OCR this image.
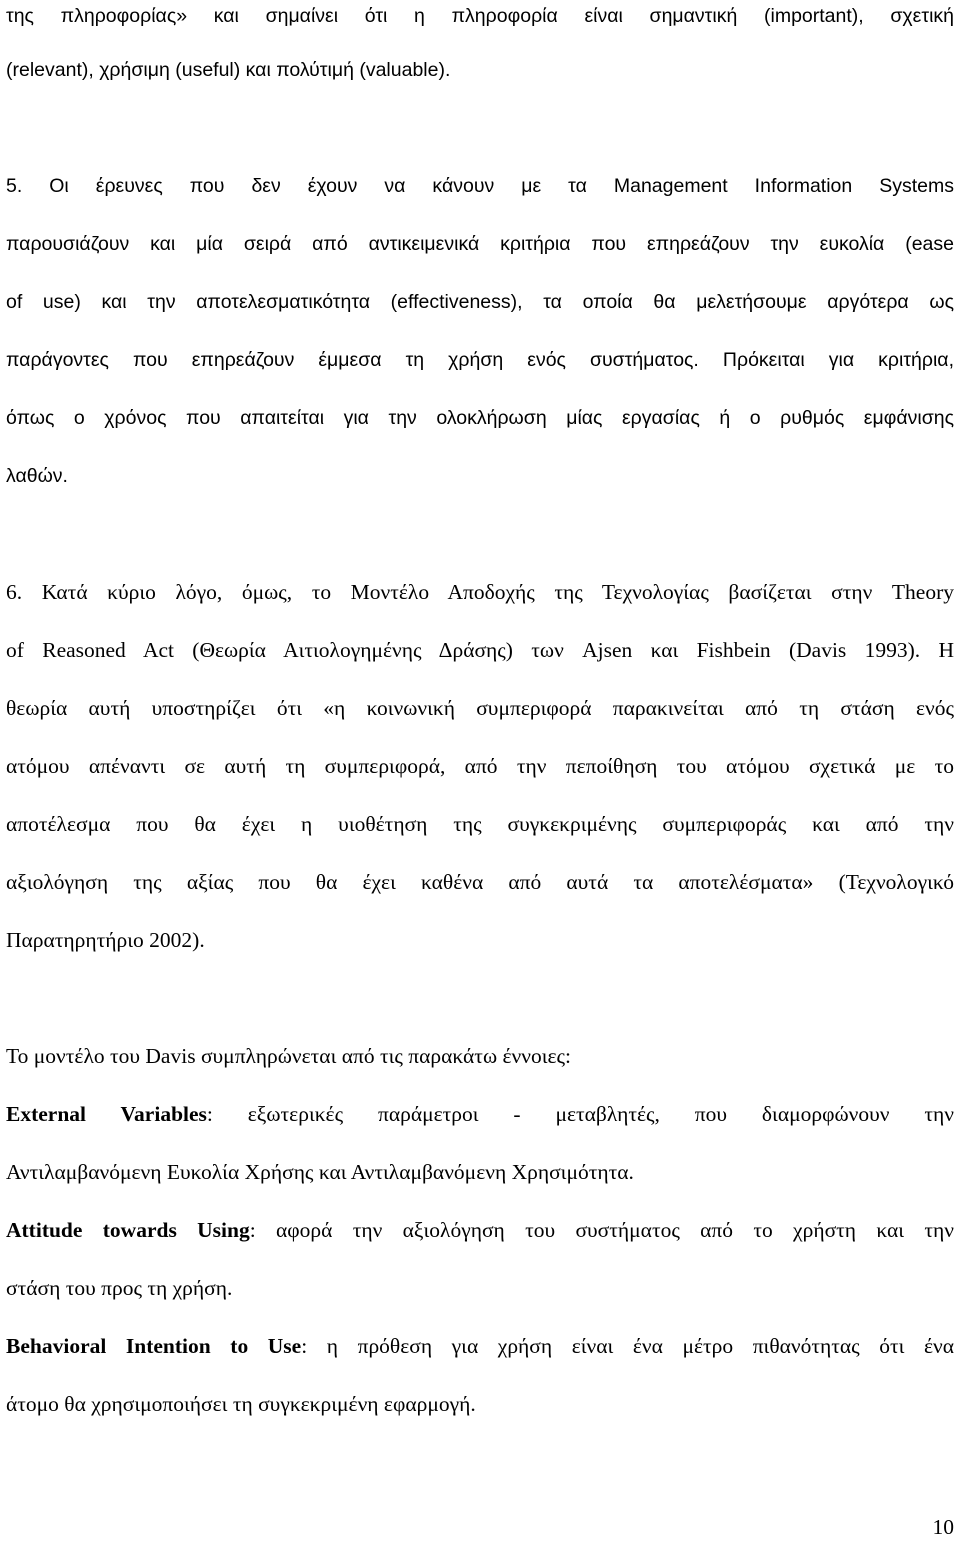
της πληροφορίας» και σημαίνει ότι η πληροφορία είναι σημαντική (important), σχετική
(relevant), χρήσιμη (useful) και πολύτιμή (valuable).
5. Οι έρευνες που δεν έχουν να κάνουν με τα Management Information Systems
παρουσιάζουν και μία σειρά από αντικειμενικά κριτήρια που επηρεάζουν την ευκολία (ease
of use) και την αποτελεσματικότητα (effectiveness), τα οποία θα μελετήσουμε αργότερα ως
παράγοντες που επηρεάζουν έμμεσα τη χρήση ενός συστήματος. Πρόκειται για κριτήρια,
όπως ο χρόνος που απαιτείται για την ολοκλήρωση μίας εργασίας ή ο ρυθμός εμφάνισης
λαθών.
6. Κατά κύριο λόγο, όμως, το Μοντέλο Αποδοχής της Τεχνολογίας βασίζεται στην Theory
of Reasoned Act (Θεωρία Αιτιολογημένης Δράσης) των Ajsen και Fishbein (Davis 1993). Η
θεωρία αυτή υποστηρίζει ότι «η κοινωνική συμπεριφορά παρακινείται από τη στάση ενός
ατόμου απέναντι σε αυτή τη συμπεριφορά, από την πεποίθηση του ατόμου σχετικά με το
αποτέλεσμα που θα έχει η υιοθέτηση της συγκεκριμένης συμπεριφοράς και από την
αξιολόγηση της αξίας που θα έχει καθένα από αυτά τα αποτελέσματα» (Τεχνολογικό
Παρατηρητήριο 2002).
Το μοντέλο του Davis συμπληρώνεται από τις παρακάτω έννοιες:
External Variables: εξωτερικές παράμετροι - μεταβλητές, που διαμορφώνουν την
Αντιλαμβανόμενη Ευκολία Χρήσης και Αντιλαμβανόμενη Χρησιμότητα.
Attitude towards Using: αφορά την αξιολόγηση του συστήματος από το χρήστη και την
στάση του προς τη χρήση.
Behavioral Intention to Use: η πρόθεση για χρήση είναι ένα μέτρο πιθανότητας ότι ένα
άτομο θα χρησιμοποιήσει τη συγκεκριμένη εφαρμογή.
10
